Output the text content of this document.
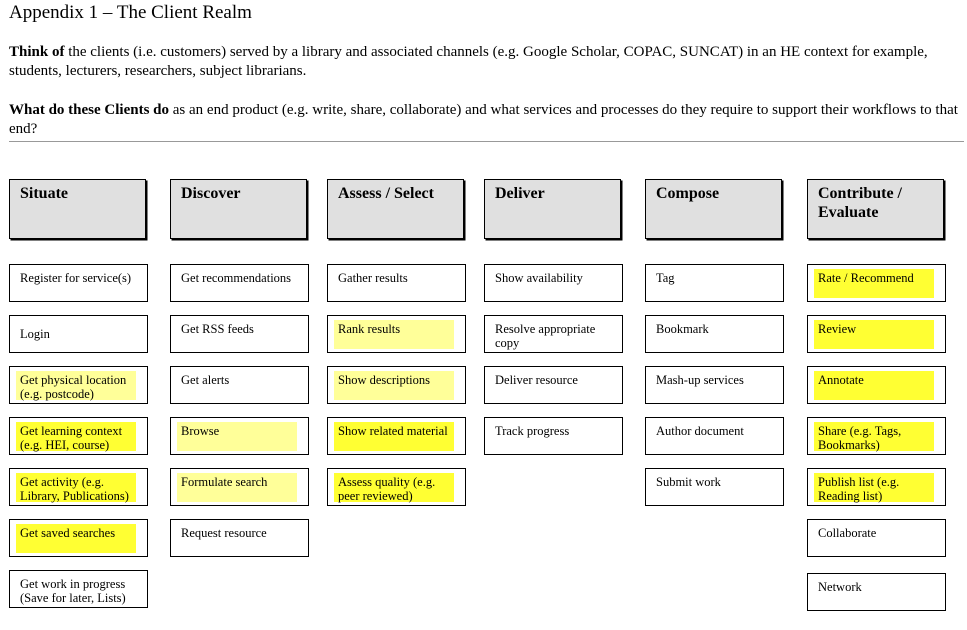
Appendix 1 – The Client Realm
Think of the clients (i.e. customers) served by a library and associated channels (e.g. Google Scholar, COPAC, SUNCAT) in an HE context for example, students, lecturers, researchers, subject librarians.
What do these Clients do as an end product (e.g. write, share, collaborate) and what services and processes do they require to support their workflows to that end?
Situate
Register for service(s)
Login
Get physical location (e.g. postcode)
Get learning context (e.g. HEI, course)
Get activity (e.g. Library, Publications)
Get saved searches
Get work in progress (Save for later, Lists)
Discover
Get recommendations
Get RSS feeds
Get alerts
Browse
Formulate search
Request resource
Assess / Select
Gather results
Rank results
Show descriptions
Show related material
Assess quality (e.g. peer reviewed)
Deliver
Show availability
Resolve appropriate copy
Deliver resource
Track progress
Compose
Tag
Bookmark
Mash-up services
Author document
Submit work
Contribute / Evaluate
Rate / Recommend
Review
Annotate
Share (e.g. Tags, Bookmarks)
Publish list (e.g. Reading list)
Collaborate
Network
